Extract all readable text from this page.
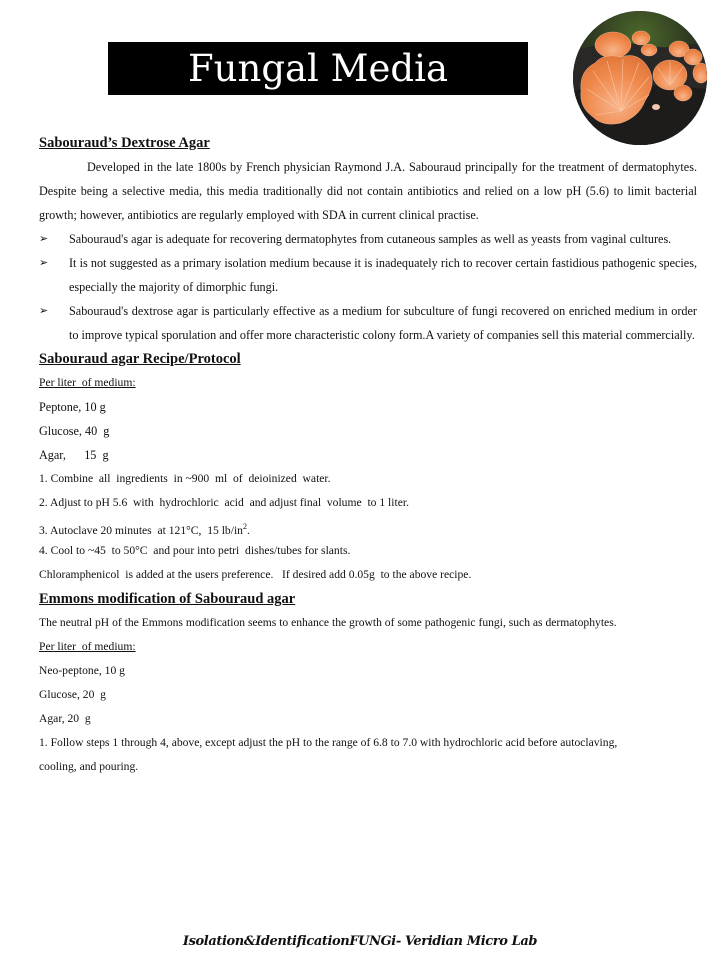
Fungal Media
Sabouraud’s Dextrose Agar

Developed in the late 1800s by French physician Raymond J.A. Sabouraud principally for the treatment of dermatophytes. Despite being a selective media, this media traditionally did not contain antibiotics and relied on a low pH (5.6) to limit bacterial growth; however, antibiotics are regularly employed with SDA in current clinical practise.

➢ Sabouraud's agar is adequate for recovering dermatophytes from cutaneous samples as well as yeasts from vaginal cultures.
➢ It is not suggested as a primary isolation medium because it is inadequately rich to recover certain fastidious pathogenic species, especially the majority of dimorphic fungi.
➢ Sabouraud's dextrose agar is particularly effective as a medium for subculture of fungi recovered on enriched medium in order to improve typical sporulation and offer more characteristic colony form.A variety of companies sell this material commercially.
Sabouraud agar Recipe/Protocol
Per liter  of medium:
Peptone, 10 g
Glucose, 40  g
Agar,      15  g
1. Combine  all  ingredients  in ~900  ml  of  deioinized  water.
2. Adjust to pH 5.6  with  hydrochloric  acid  and adjust final  volume  to 1 liter.
3. Autoclave 20 minutes  at 121°C,  15 $lb/in^2$.
4. Cool to ~45  to 50°C  and pour into petri  dishes/tubes for slants.
Chloramphenicol  is added at the users preference.   If desired add 0.05g  to the above recipe.
Emmons modification of Sabouraud agar

The neutral pH of the Emmons modification seems to enhance the growth of some pathogenic fungi, such as dermatophytes.

Per liter  of medium:
Neo-peptone, 10 g
Glucose, 20  g
Agar, 20  g

1. Follow steps 1 through 4, above, except adjust the pH to the range of 6.8 to 7.0 with hydrochloric acid before autoclaving, cooling, and pouring.

Isolation&IdentificationFUNGi- Veridian Micro Lab
